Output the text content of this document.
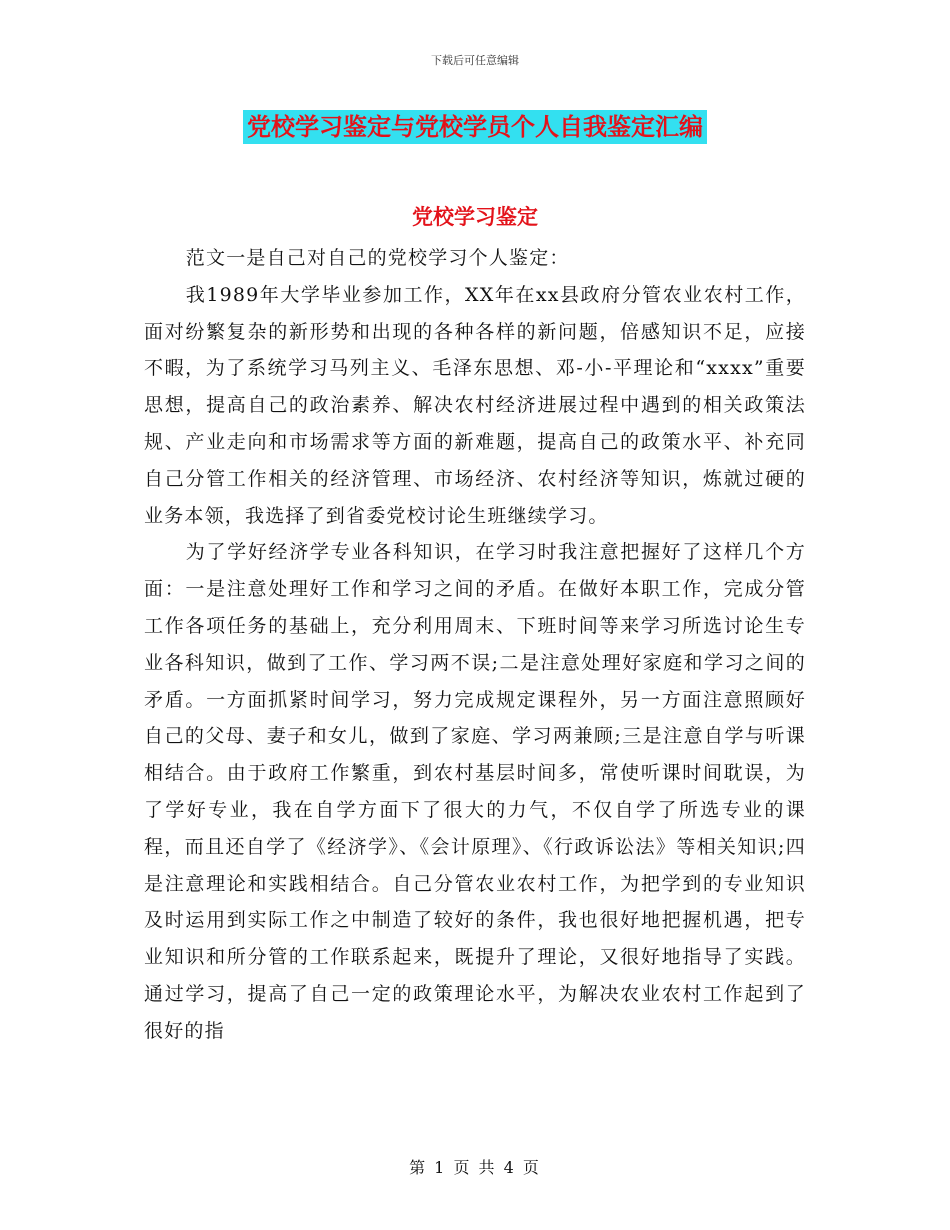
下载后可任意编辑
党校学习鉴定与党校学员个人自我鉴定汇编
党校学习鉴定

范文一是自己对自己的党校学习个人鉴定：

我1989年大学毕业参加工作，XX年在xx县政府分管农业农村工作，面对纷繁复杂的新形势和出现的各种各样的新问题，倍感知识不足，应接不暇，为了系统学习马列主义、毛泽东思想、邓-小-平理论和“xxxx”重要思想，提高自己的政治素养、解决农村经济进展过程中遇到的相关政策法规、产业走向和市场需求等方面的新难题，提高自己的政策水平、补充同自己分管工作相关的经济管理、市场经济、农村经济等知识，炼就过硬的业务本领，我选择了到省委党校讨论生班继续学习。

为了学好经济学专业各科知识，在学习时我注意把握好了这样几个方面：一是注意处理好工作和学习之间的矛盾。在做好本职工作，完成分管工作各项任务的基础上，充分利用周末、下班时间等来学习所选讨论生专业各科知识，做到了工作、学习两不误;二是注意处理好家庭和学习之间的矛盾。一方面抓紧时间学习，努力完成规定课程外，另一方面注意照顾好自己的父母、妻子和女儿，做到了家庭、学习两兼顾;三是注意自学与听课相结合。由于政府工作繁重，到农村基层时间多，常使听课时间耽误，为了学好专业，我在自学方面下了很大的力气，不仅自学了所选专业的课程，而且还自学了《经济学》、《会计原理》、《行政诉讼法》等相关知识;四是注意理论和实践相结合。自己分管农业农村工作，为把学到的专业知识及时运用到实际工作之中制造了较好的条件，我也很好地把握机遇，把专业知识和所分管的工作联系起来，既提升了理论，又很好地指导了实践。 通过学习，提高了自己一定的政策理论水平，为解决农业农村工作起到了很好的指

第 1 页 共 4 页
